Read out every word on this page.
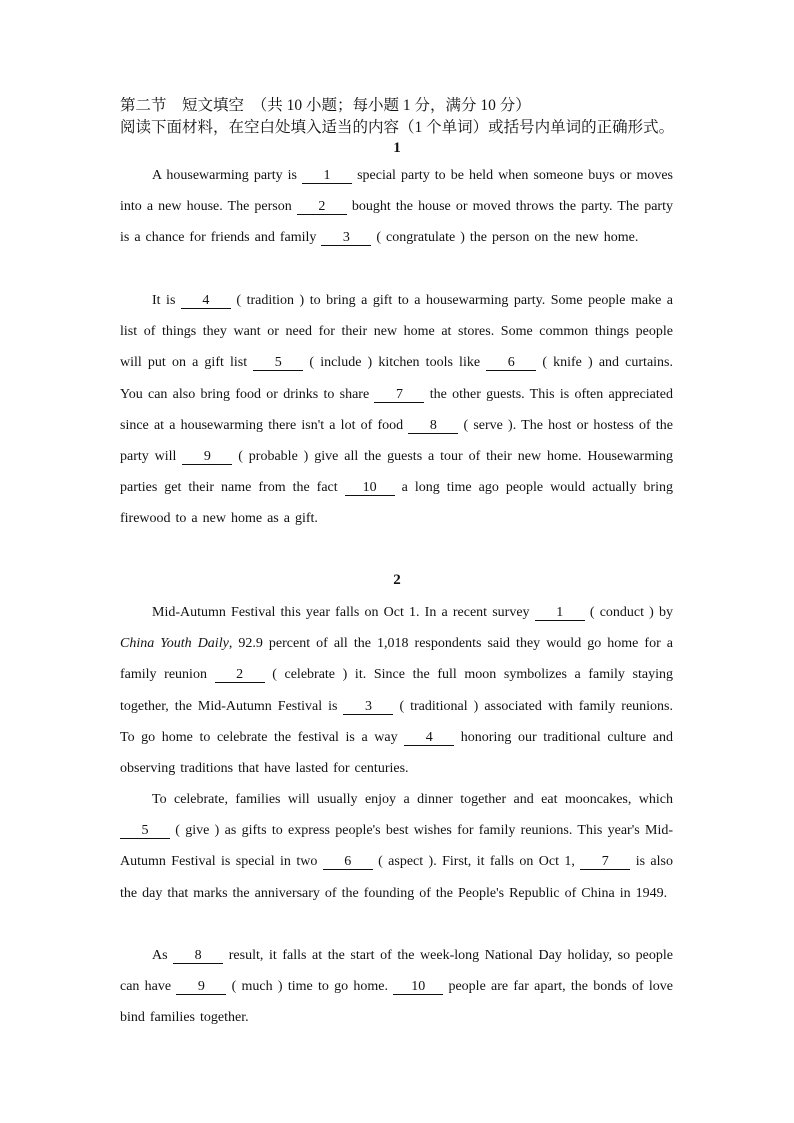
第二节　短文填空　（共 10 小题；每小题 1 分，满分 10 分）
阅读下面材料，在空白处填入适当的内容（1 个单词）或括号内单词的正确形式。
1
A housewarming party is 1 special party to be held when someone buys or moves into a new house. The person 2 bought the house or moved throws the party. The party is a chance for friends and family 3 ( congratulate ) the person on the new home.
It is 4 ( tradition ) to bring a gift to a housewarming party. Some people make a list of things they want or need for their new home at stores. Some common things people will put on a gift list 5 ( include ) kitchen tools like 6 ( knife ) and curtains. You can also bring food or drinks to share 7 the other guests. This is often appreciated since at a housewarming there isn't a lot of food 8 ( serve ). The host or hostess of the party will 9 ( probable ) give all the guests a tour of their new home. Housewarming parties get their name from the fact 10 a long time ago people would actually bring firewood to a new home as a gift.
2
Mid-Autumn Festival this year falls on Oct 1. In a recent survey 1 ( conduct ) by China Youth Daily, 92.9 percent of all the 1,018 respondents said they would go home for a family reunion 2 ( celebrate ) it. Since the full moon symbolizes a family staying together, the Mid-Autumn Festival is 3 ( traditional ) associated with family reunions. To go home to celebrate the festival is a way 4 honoring our traditional culture and observing traditions that have lasted for centuries.
To celebrate, families will usually enjoy a dinner together and eat mooncakes, which 5 ( give ) as gifts to express people's best wishes for family reunions. This year's Mid-Autumn Festival is special in two 6 ( aspect ). First, it falls on Oct 1, 7 is also the day that marks the anniversary of the founding of the People's Republic of China in 1949.
As 8 result, it falls at the start of the week-long National Day holiday, so people can have 9 ( much ) time to go home. 10 people are far apart, the bonds of love bind families together.
